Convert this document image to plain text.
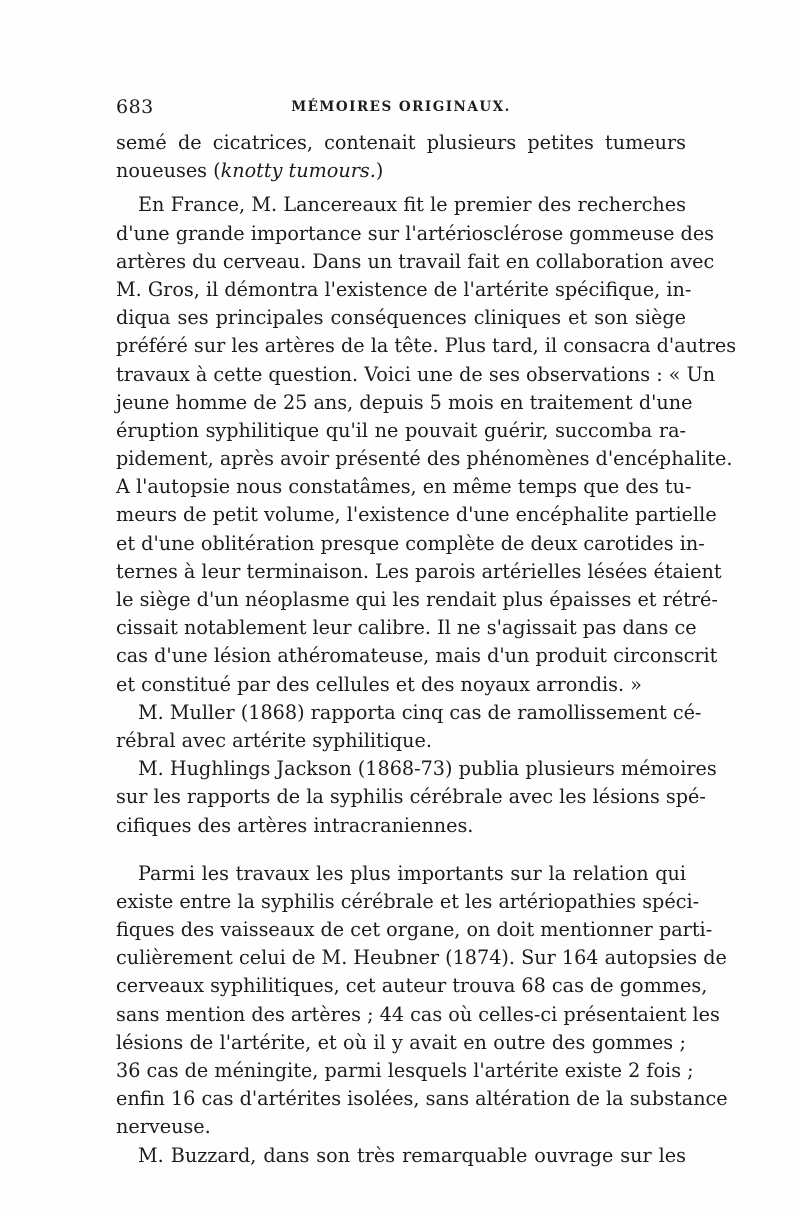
683	MÉMOIRES ORIGINAUX.
semé de cicatrices, contenait plusieurs petites tumeurs
noueuses (knotty tumours.)
En France, M. Lancereaux fit le premier des recherches
d'une grande importance sur l'artériosclérose gommeuse des
artères du cerveau. Dans un travail fait en collaboration avec
M. Gros, il démontra l'existence de l'artérite spécifique, in-
diqua ses principales conséquences cliniques et son siège
préféré sur les artères de la tête. Plus tard, il consacra d'autres
travaux à cette question. Voici une de ses observations : « Un
jeune homme de 25 ans, depuis 5 mois en traitement d'une
éruption syphilitique qu'il ne pouvait guérir, succomba ra-
pidement, après avoir présenté des phénomènes d'encéphalite.
A l'autopsie nous constatâmes, en même temps que des tu-
meurs de petit volume, l'existence d'une encéphalite partielle
et d'une oblitération presque complète de deux carotides in-
ternes à leur terminaison. Les parois artérielles lésées étaient
le siège d'un néoplasme qui les rendait plus épaisses et rétré-
cissait notablement leur calibre. Il ne s'agissait pas dans ce
cas d'une lésion athéromateuse, mais d'un produit circonscrit
et constitué par des cellules et des noyaux arrondis. »
M. Muller (1868) rapporta cinq cas de ramollissement cé-
rébral avec artérite syphilitique.
M. Hughlings Jackson (1868-73) publia plusieurs mémoires
sur les rapports de la syphilis cérébrale avec les lésions spé-
cifiques des artères intracraniennes.
Parmi les travaux les plus importants sur la relation qui
existe entre la syphilis cérébrale et les artériopathies spéci-
fiques des vaisseaux de cet organe, on doit mentionner parti-
culièrement celui de M. Heubner (1874). Sur 164 autopsies de
cerveaux syphilitiques, cet auteur trouva 68 cas de gommes,
sans mention des artères ; 44 cas où celles-ci présentaient les
lésions de l'artérite, et où il y avait en outre des gommes ;
36 cas de méningite, parmi lesquels l'artérite existe 2 fois ;
enfin 16 cas d'artérites isolées, sans altération de la substance
nerveuse.
M. Buzzard, dans son très remarquable ouvrage sur les
